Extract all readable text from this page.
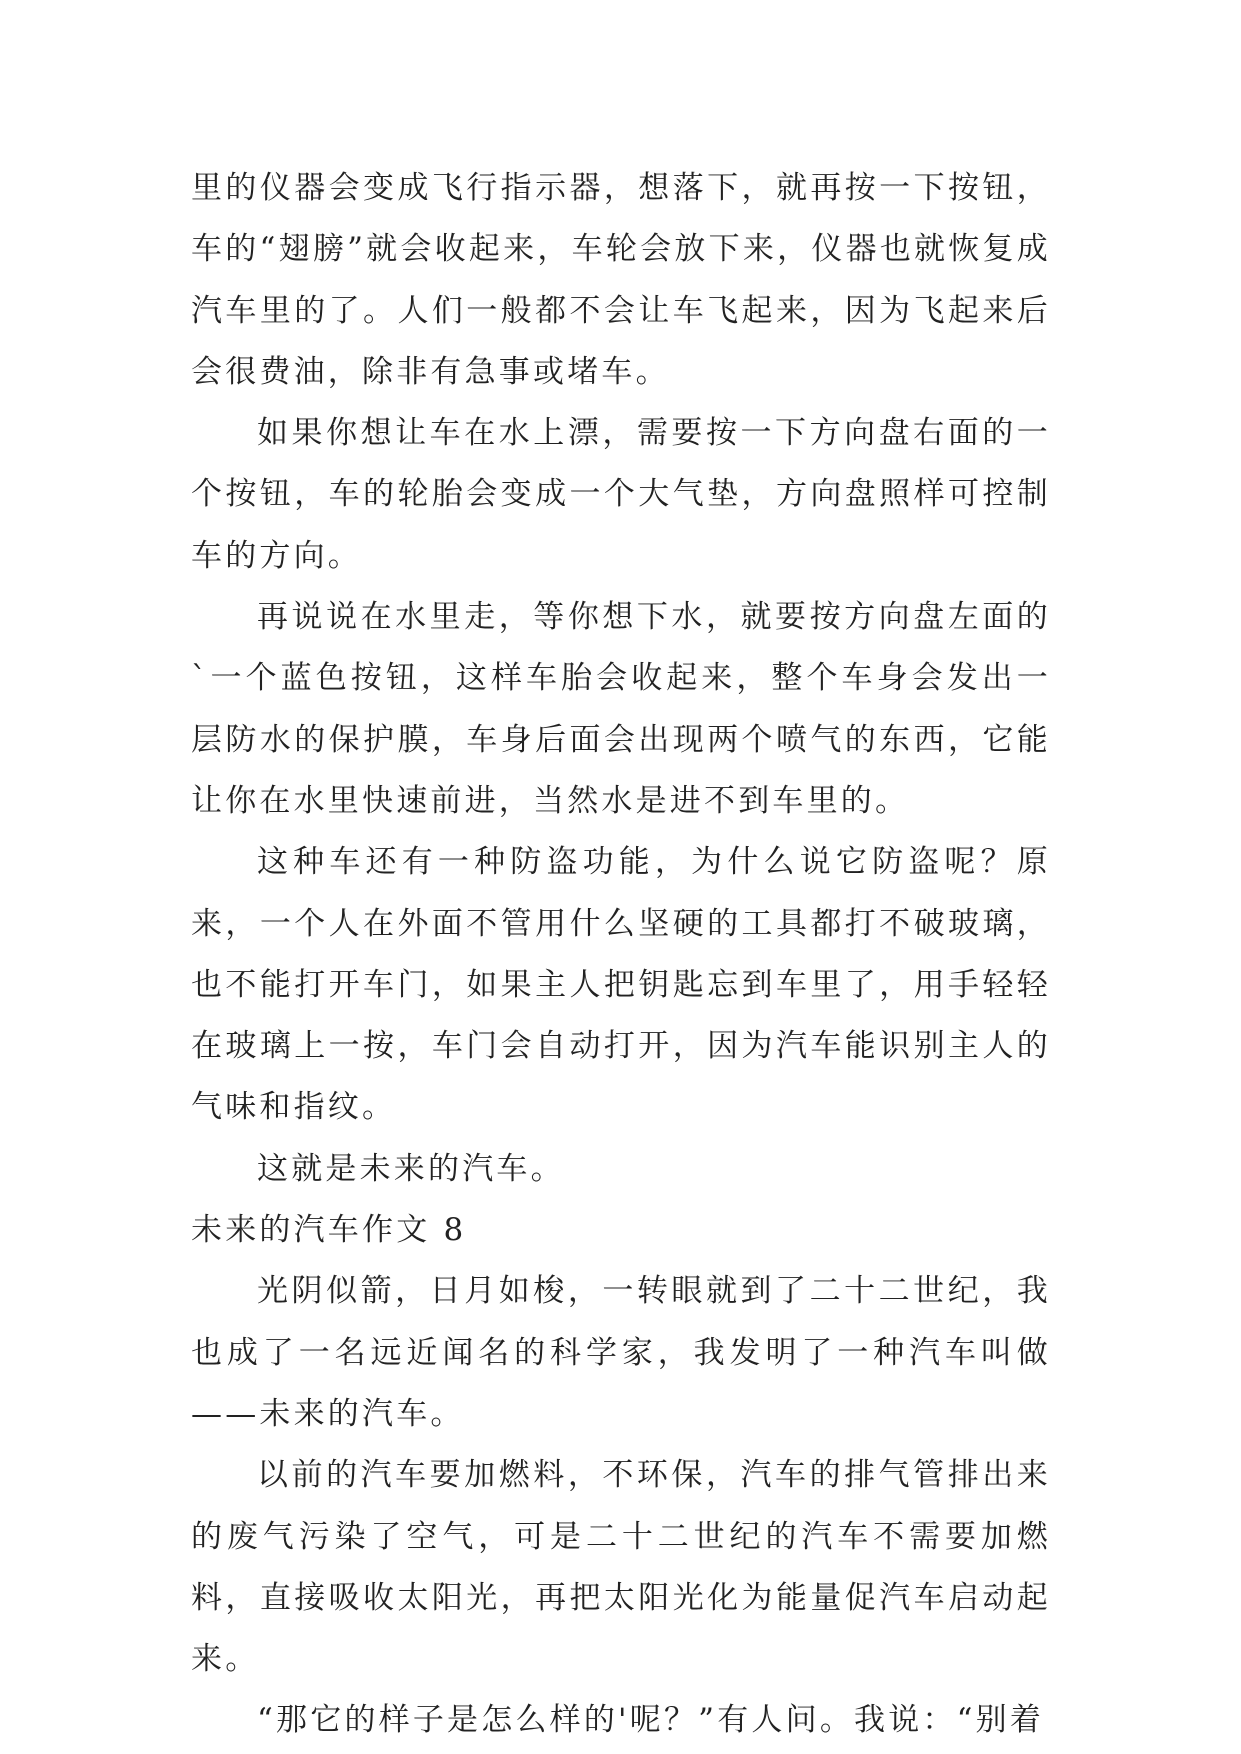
里的仪器会变成飞行指示器，想落下，就再按一下按钮，车的“翅膀”就会收起来，车轮会放下来，仪器也就恢复成汽车里的了。人们一般都不会让车飞起来，因为飞起来后会很费油，除非有急事或堵车。

如果你想让车在水上漂，需要按一下方向盘右面的一个按钮，车的轮胎会变成一个大气垫，方向盘照样可控制车的方向。

再说说在水里走，等你想下水，就要按方向盘左面的`一个蓝色按钮，这样车胎会收起来，整个车身会发出一层防水的保护膜，车身后面会出现两个喷气的东西，它能让你在水里快速前进，当然水是进不到车里的。

这种车还有一种防盗功能，为什么说它防盗呢？原来，一个人在外面不管用什么坚硬的工具都打不破玻璃，也不能打开车门，如果主人把钥匙忘到车里了，用手轻轻在玻璃上一按，车门会自动打开，因为汽车能识别主人的气味和指纹。

这就是未来的汽车。

未来的汽车作文 8

光阴似箭，日月如梭，一转眼就到了二十二世纪，我也成了一名远近闻名的科学家，我发明了一种汽车叫做——未来的汽车。

以前的汽车要加燃料，不环保，汽车的排气管排出来的废气污染了空气，可是二十二世纪的汽车不需要加燃料，直接吸收太阳光，再把太阳光化为能量促汽车启动起来。

“那它的样子是怎么样的'呢？”有人问。我说：“别着
